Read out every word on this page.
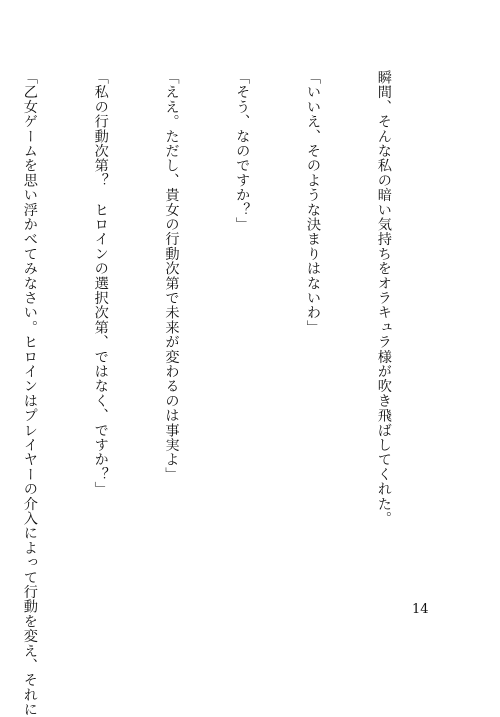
瞬間、そんな私の暗い気持ちをオラキュラ様が吹き飛ばしてくれた。

「いいえ、そのような決まりはないわ」

「そう、なのですか？」

「ええ。ただし、貴女の行動次第で未来が変わるのは事実よ」

「私の行動次第？　ヒロインの選択次第、ではなく、ですか？」

「乙女ゲームを思い浮かべてみなさい。ヒロインはプレイヤーの介入によって行動を変え、それに

	14
